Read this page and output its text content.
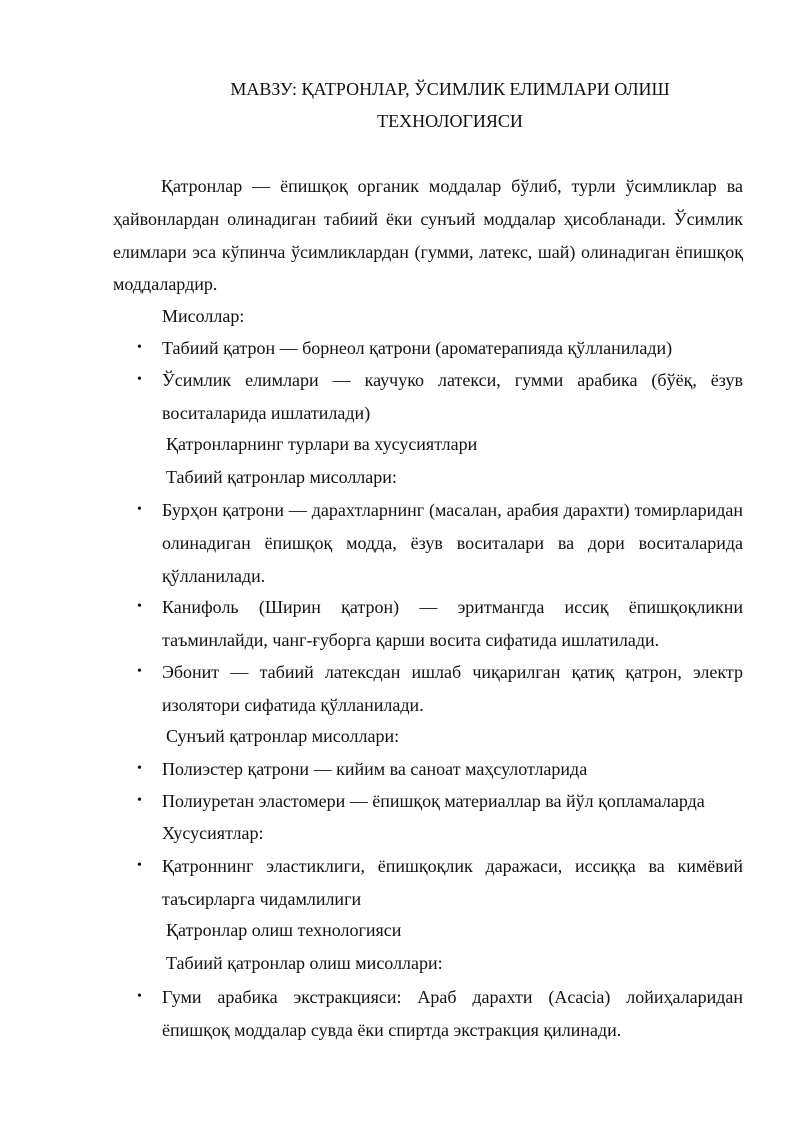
МАВЗУ: ҚАТРОНЛАР, ЎСИМЛИК ЕЛИМЛАРИ ОЛИШ
ТЕХНОЛОГИЯСИ

Қатронлар — ёпишқоқ органик моддалар бўлиб, турли ўсимликлар ва ҳайвонлардан олинадиган табиий ёки сунъий моддалар ҳисобланади. Ўсимлик елимлари эса кўпинча ўсимликлардан (гумми, латекс, шай) олинадиган ёпишқоқ моддалардир.

Мисоллар:
• Табиий қатрон — борнеол қатрони (ароматерапияда қўлланилади)
• Ўсимлик елимлари — каучуко латекси, гумми арабика (бўёқ, ёзув воситаларида ишлатилади)
Қатронларнинг турлари ва хусусиятлари
Табиий қатронлар мисоллари:
• Бурҳон қатрони — дарахтларнинг (масалан, арабия дарахти) томирларидан олинадиган ёпишқоқ модда, ёзув воситалари ва дори воситаларида қўлланилади.
• Канифоль (Ширин қатрон) — эритмангда иссиқ ёпишқоқликни таъминлайди, чанг-ғуборга қарши восита сифатида ишлатилади.
• Эбонит — табиий латексдан ишлаб чиқарилган қатиқ қатрон, электр изолятори сифатида қўлланилади.
Сунъий қатронлар мисоллари:
• Полиэстер қатрони — кийим ва саноат маҳсулотларида
• Полиуретан эластомери — ёпишқоқ материаллар ва йўл қопламаларда
Хусусиятлар:
• Қатроннинг эластиклиги, ёпишқоқлик даражаси, иссиққа ва кимёвий таъсирларга чидамлилиги
Қатронлар олиш технологияси
Табиий қатронлар олиш мисоллари:
• Гуми арабика экстракцияси: Араб дарахти (Acacia) лойиҳаларидан ёпишқоқ моддалар сувда ёки спиртда экстракция қилинади.
